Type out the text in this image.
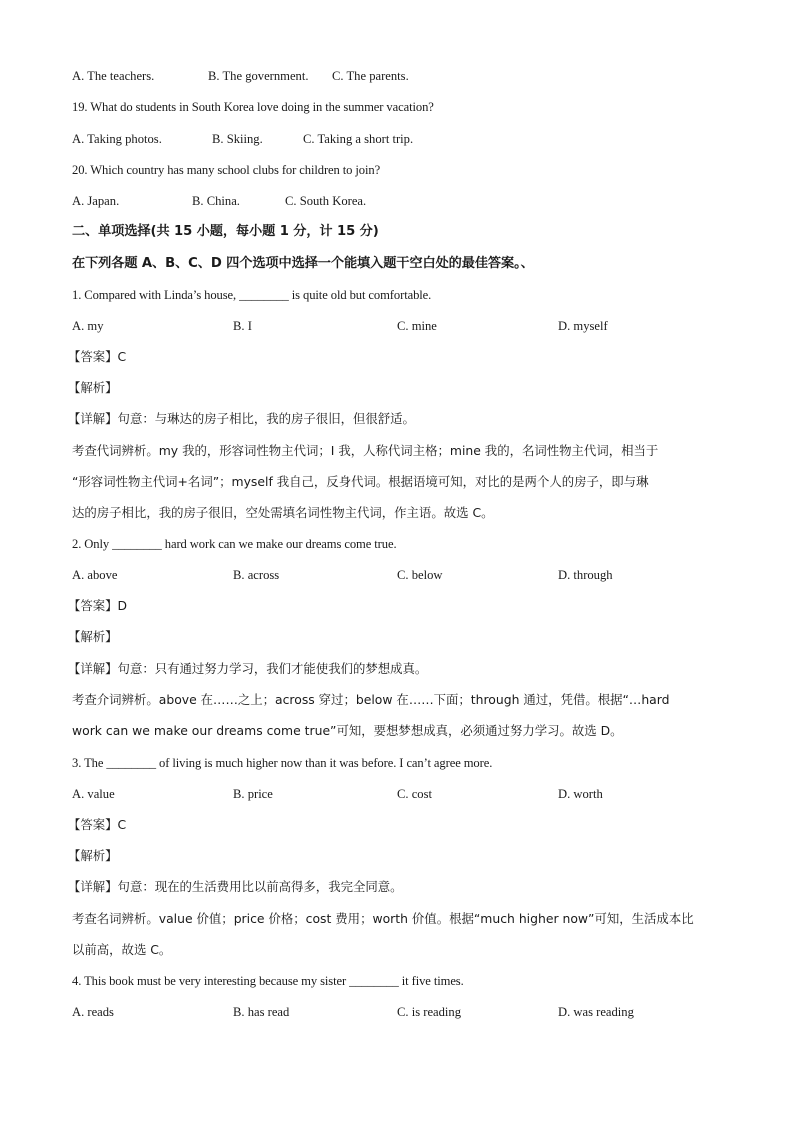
A. The teachers.	B. The government. C. The parents.
19. What do students in South Korea love doing in the summer vacation?
A. Taking photos.	B. Skiing.	C. Taking a short trip.
20. Which country has many school clubs for children to join?
A. Japan.	B. China.	C. South Korea.
二、单项选择(共 15 小题，每小题 1 分，计 15 分)
在下列各题 A、B、C、D 四个选项中选择一个能填入题干空白处的最佳答案。、
1. Compared with Linda’s house, ________ is quite old but comfortable.
A. my	B. I	C. mine	D. myself
【答案】C
【解析】
【详解】句意：与琳达的房子相比，我的房子很旧，但很舒适。
考查代词辨析。my 我的，形容词性物主代词；I 我，人称代词主格；mine 我的，名词性物主代词，相当于
“形容词性物主代词+名词”；myself 我自己，反身代词。根据语境可知，对比的是两个人的房子，即与琳
达的房子相比，我的房子很旧，空处需填名词性物主代词，作主语。故选 C。
2. Only ________ hard work can we make our dreams come true.
A. above	B. across	C. below	D. through
【答案】D
【解析】
【详解】句意：只有通过努力学习，我们才能使我们的梦想成真。
考查介词辨析。above 在……之上；across 穿过；below 在……下面；through 通过，凭借。根据“…hard
work can we make our dreams come true”可知，要想梦想成真，必须通过努力学习。故选 D。
3. The ________ of living is much higher now than it was before. I can’t agree more.
A. value	B. price	C. cost	D. worth
【答案】C
【解析】
【详解】句意：现在的生活费用比以前高得多，我完全同意。
考查名词辨析。value 价值；price 价格；cost 费用；worth 价值。根据“much higher now”可知，生活成本比
以前高，故选 C。
4. This book must be very interesting because my sister ________ it five times.
A. reads	B. has read	C. is reading	D. was reading
